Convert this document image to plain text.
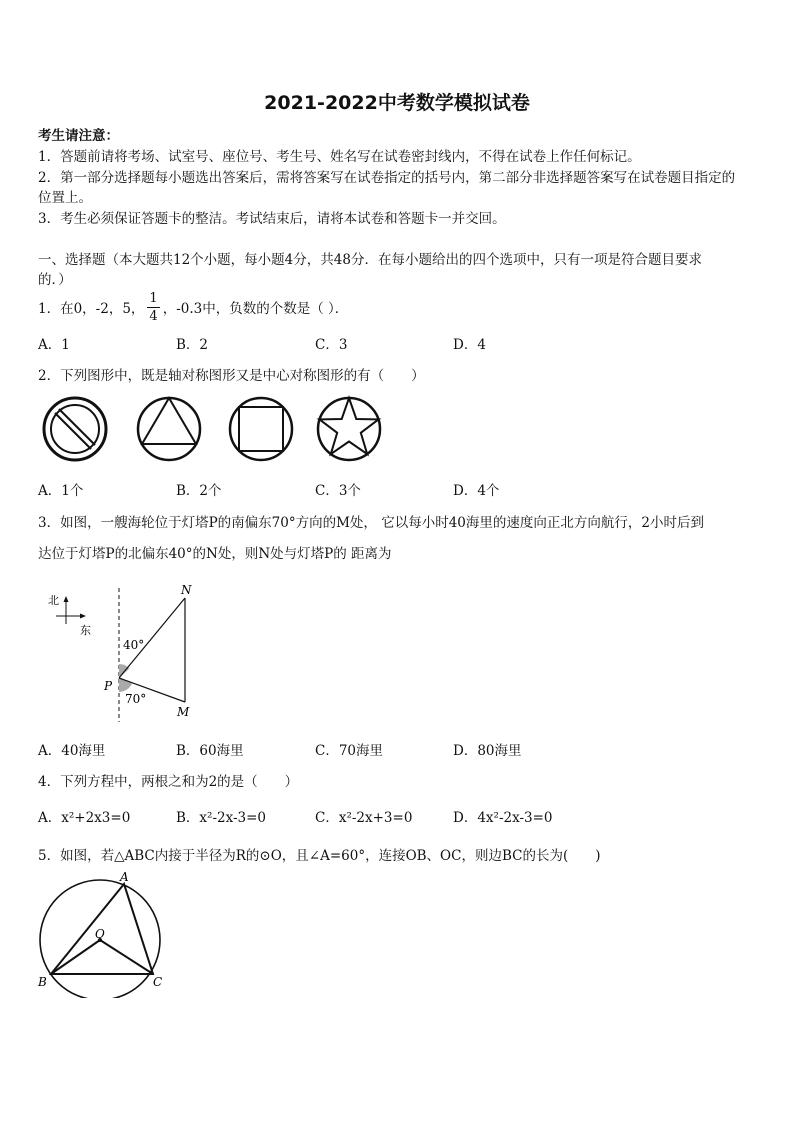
2021-2022中考数学模拟试卷
考生请注意：
1．答题前请将考场、试室号、座位号、考生号、姓名写在试卷密封线内，不得在试卷上作任何标记。
2．第一部分选择题每小题选出答案后，需将答案写在试卷指定的括号内，第二部分非选择题答案写在试卷题目指定的
位置上。
3．考生必须保证答题卡的整洁。考试结束后，请将本试卷和答题卡一并交回。
一、选择题（本大题共12个小题，每小题4分，共48分．在每小题给出的四个选项中，只有一项是符合题目要求
的．）
1．在0，-2，5， $\frac{1}{4}$ ，-0.3中，负数的个数是（ ）．
A．1	B．2	C．3	D．4
2．下列图形中，既是轴对称图形又是中心对称图形的有（　　）
A．1个	B．2个	C．3个	D．4个
3．如图，一艘海轮位于灯塔P的南偏东70°方向的M处， 它以每小时40海里的速度向正北方向航行，2小时后到
达位于灯塔P的北偏东40°的N处，则N处与灯塔P的 距离为
北
东
N
P
M
40°
70°
A．40海里	B．60海里	C．70海里	D．80海里
4．下列方程中，两根之和为2的是（　　）
A．x²+2x3=0	B．x²-2x-3=0	C．x²-2x+3=0	D．4x²-2x-3=0
5．如图，若△ABC内接于半径为R的⊙O，且∠A=60°，连接OB、OC，则边BC的长为(　　)
A
B	C
O
